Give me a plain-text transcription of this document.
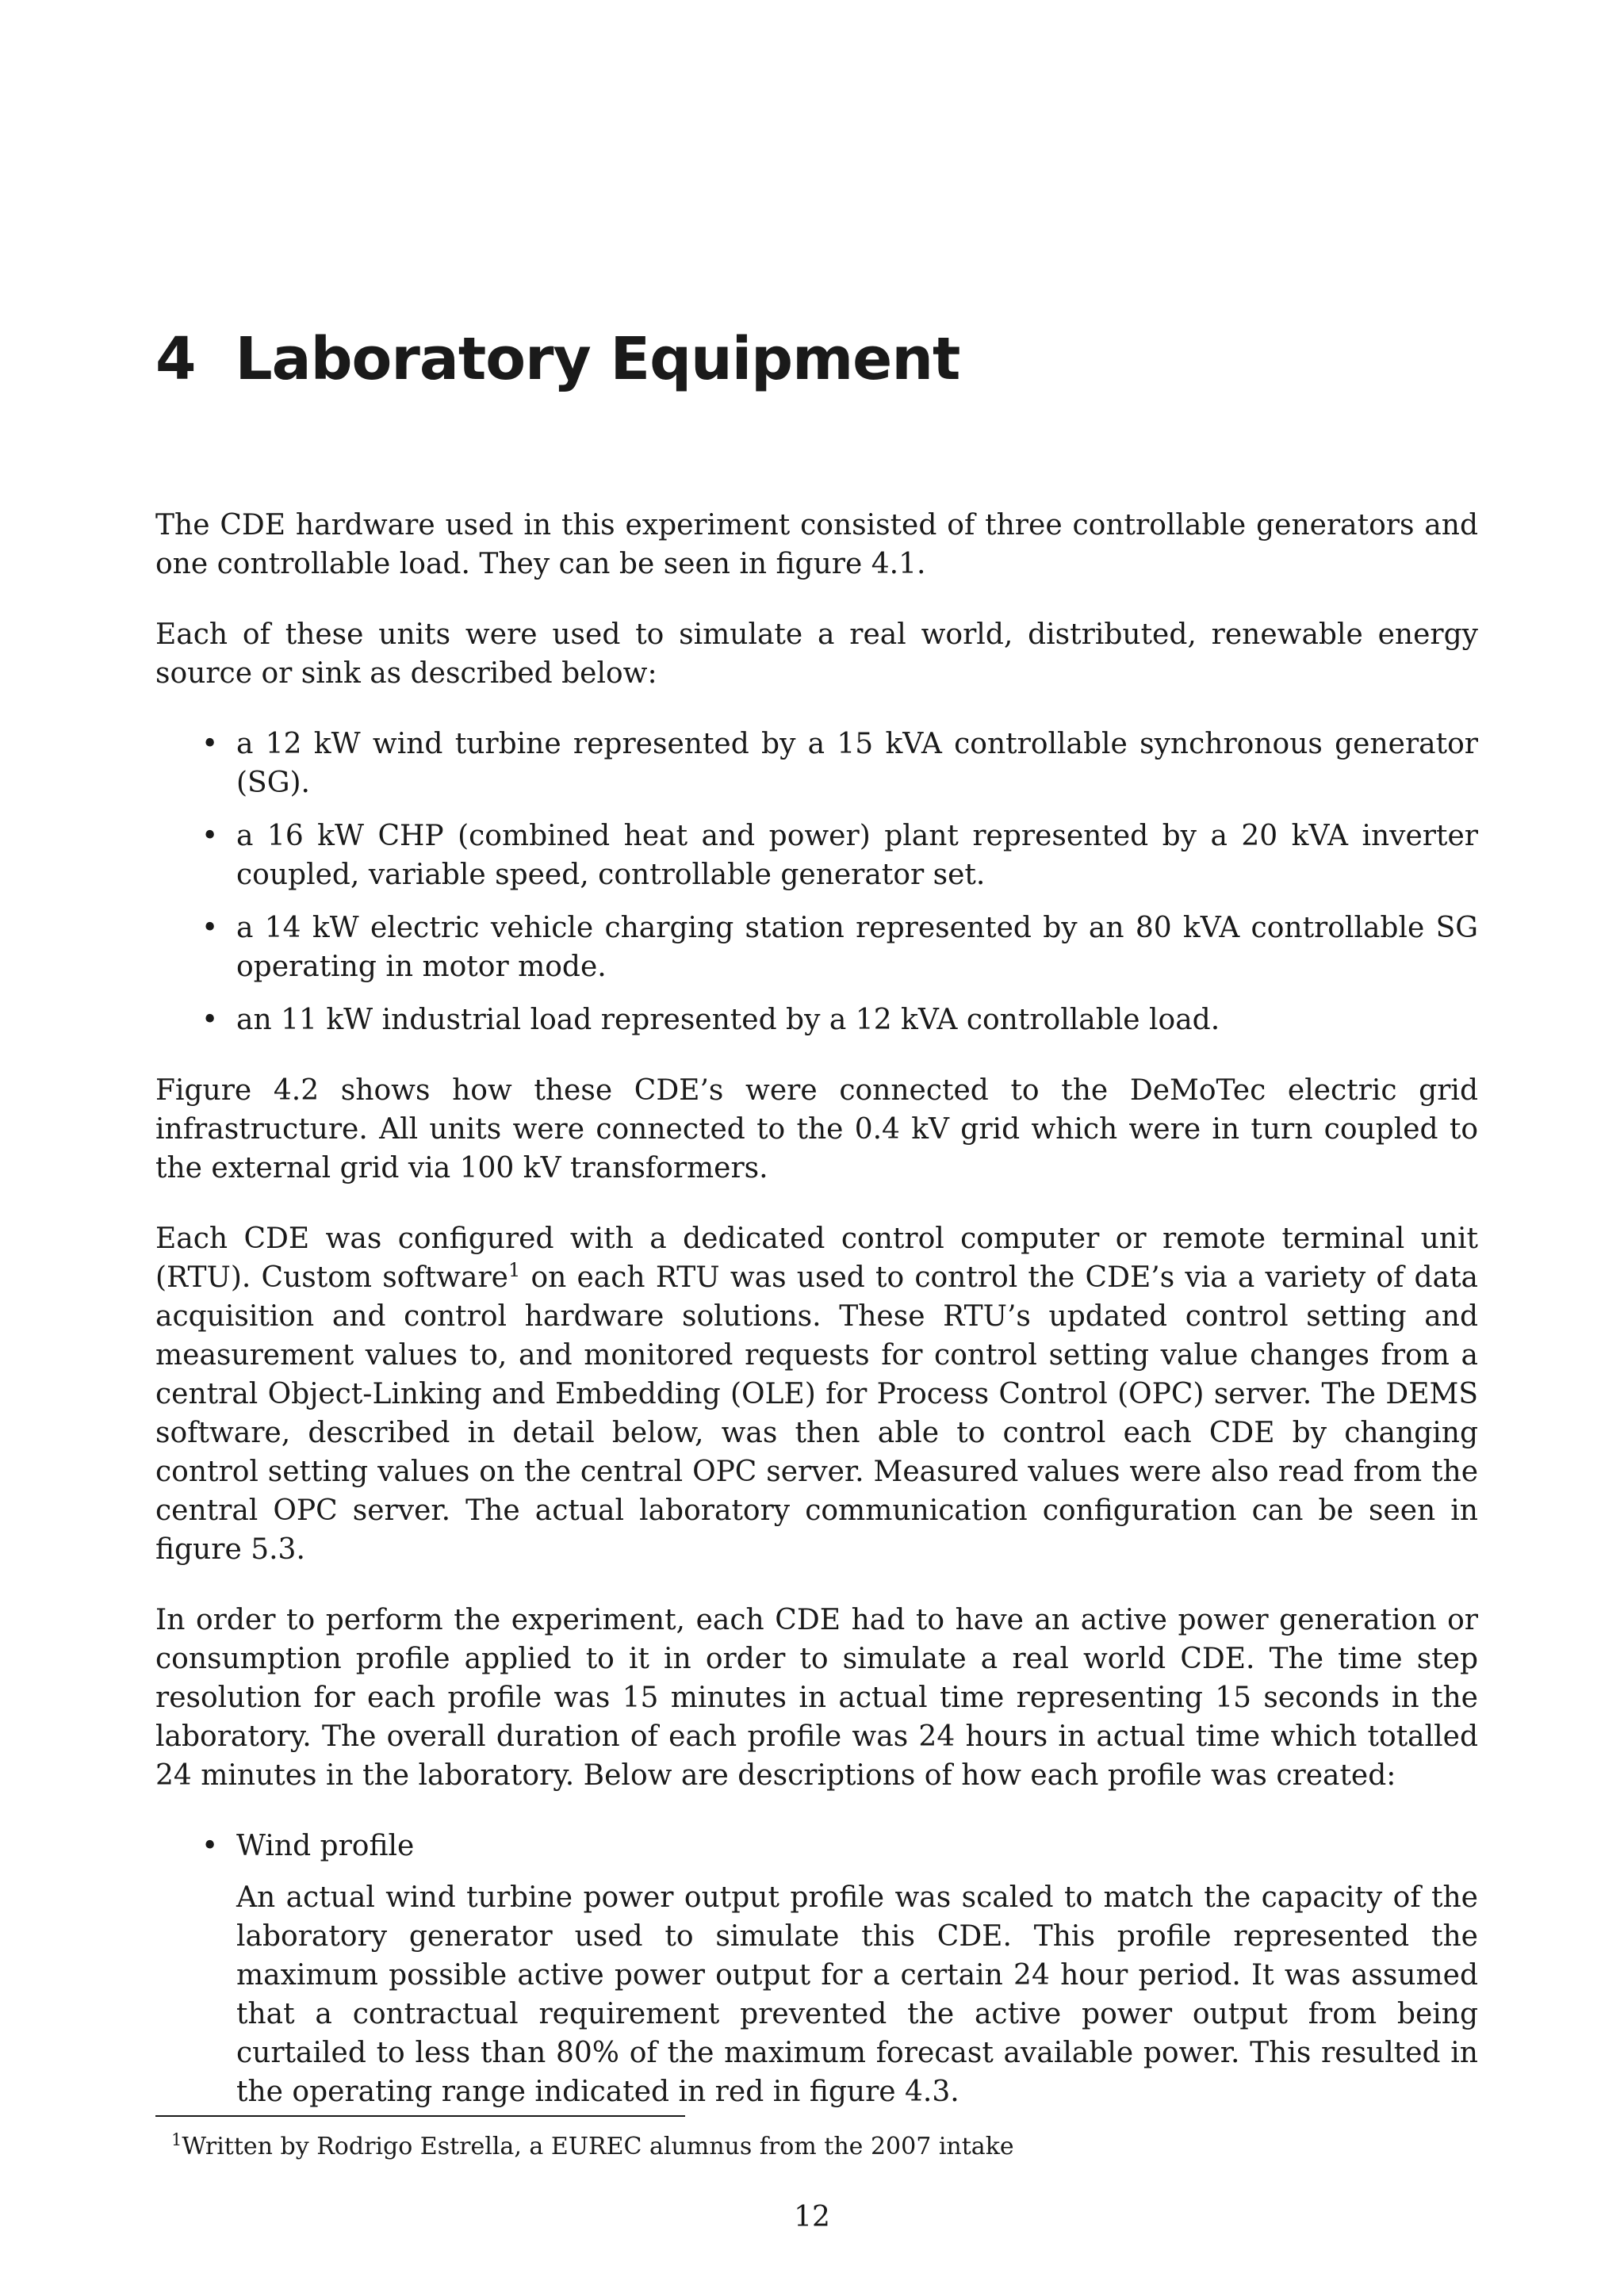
4 Laboratory Equipment

The CDE hardware used in this experiment consisted of three controllable generators and one controllable load. They can be seen in figure 4.1.

Each of these units were used to simulate a real world, distributed, renewable energy source or sink as described below:

• a 12 kW wind turbine represented by a 15 kVA controllable synchronous generator (SG).
• a 16 kW CHP (combined heat and power) plant represented by a 20 kVA inverter coupled, variable speed, controllable generator set.
• a 14 kW electric vehicle charging station represented by an 80 kVA controllable SG operating in motor mode.
• an 11 kW industrial load represented by a 12 kVA controllable load.

Figure 4.2 shows how these CDE’s were connected to the DeMoTec electric grid infrastructure. All units were connected to the 0.4 kV grid which were in turn coupled to the external grid via 100 kV transformers.

Each CDE was configured with a dedicated control computer or remote terminal unit (RTU). Custom software$^1$ on each RTU was used to control the CDE’s via a variety of data acquisition and control hardware solutions. These RTU’s updated control setting and measurement values to, and monitored requests for control setting value changes from a central Object-Linking and Embedding (OLE) for Process Control (OPC) server. The DEMS software, described in detail below, was then able to control each CDE by changing control setting values on the central OPC server. Measured values were also read from the central OPC server. The actual laboratory communication configuration can be seen in figure 5.3.

In order to perform the experiment, each CDE had to have an active power generation or consumption profile applied to it in order to simulate a real world CDE. The time step resolution for each profile was 15 minutes in actual time representing 15 seconds in the laboratory. The overall duration of each profile was 24 hours in actual time which totalled 24 minutes in the laboratory. Below are descriptions of how each profile was created:

• Wind profile

An actual wind turbine power output profile was scaled to match the capacity of the laboratory generator used to simulate this CDE. This profile represented the maximum possible active power output for a certain 24 hour period. It was assumed that a contractual requirement prevented the active power output from being curtailed to less than 80% of the maximum forecast available power. This resulted in the operating range indicated in red in figure 4.3.

$^1$Written by Rodrigo Estrella, a EUREC alumnus from the 2007 intake
12
